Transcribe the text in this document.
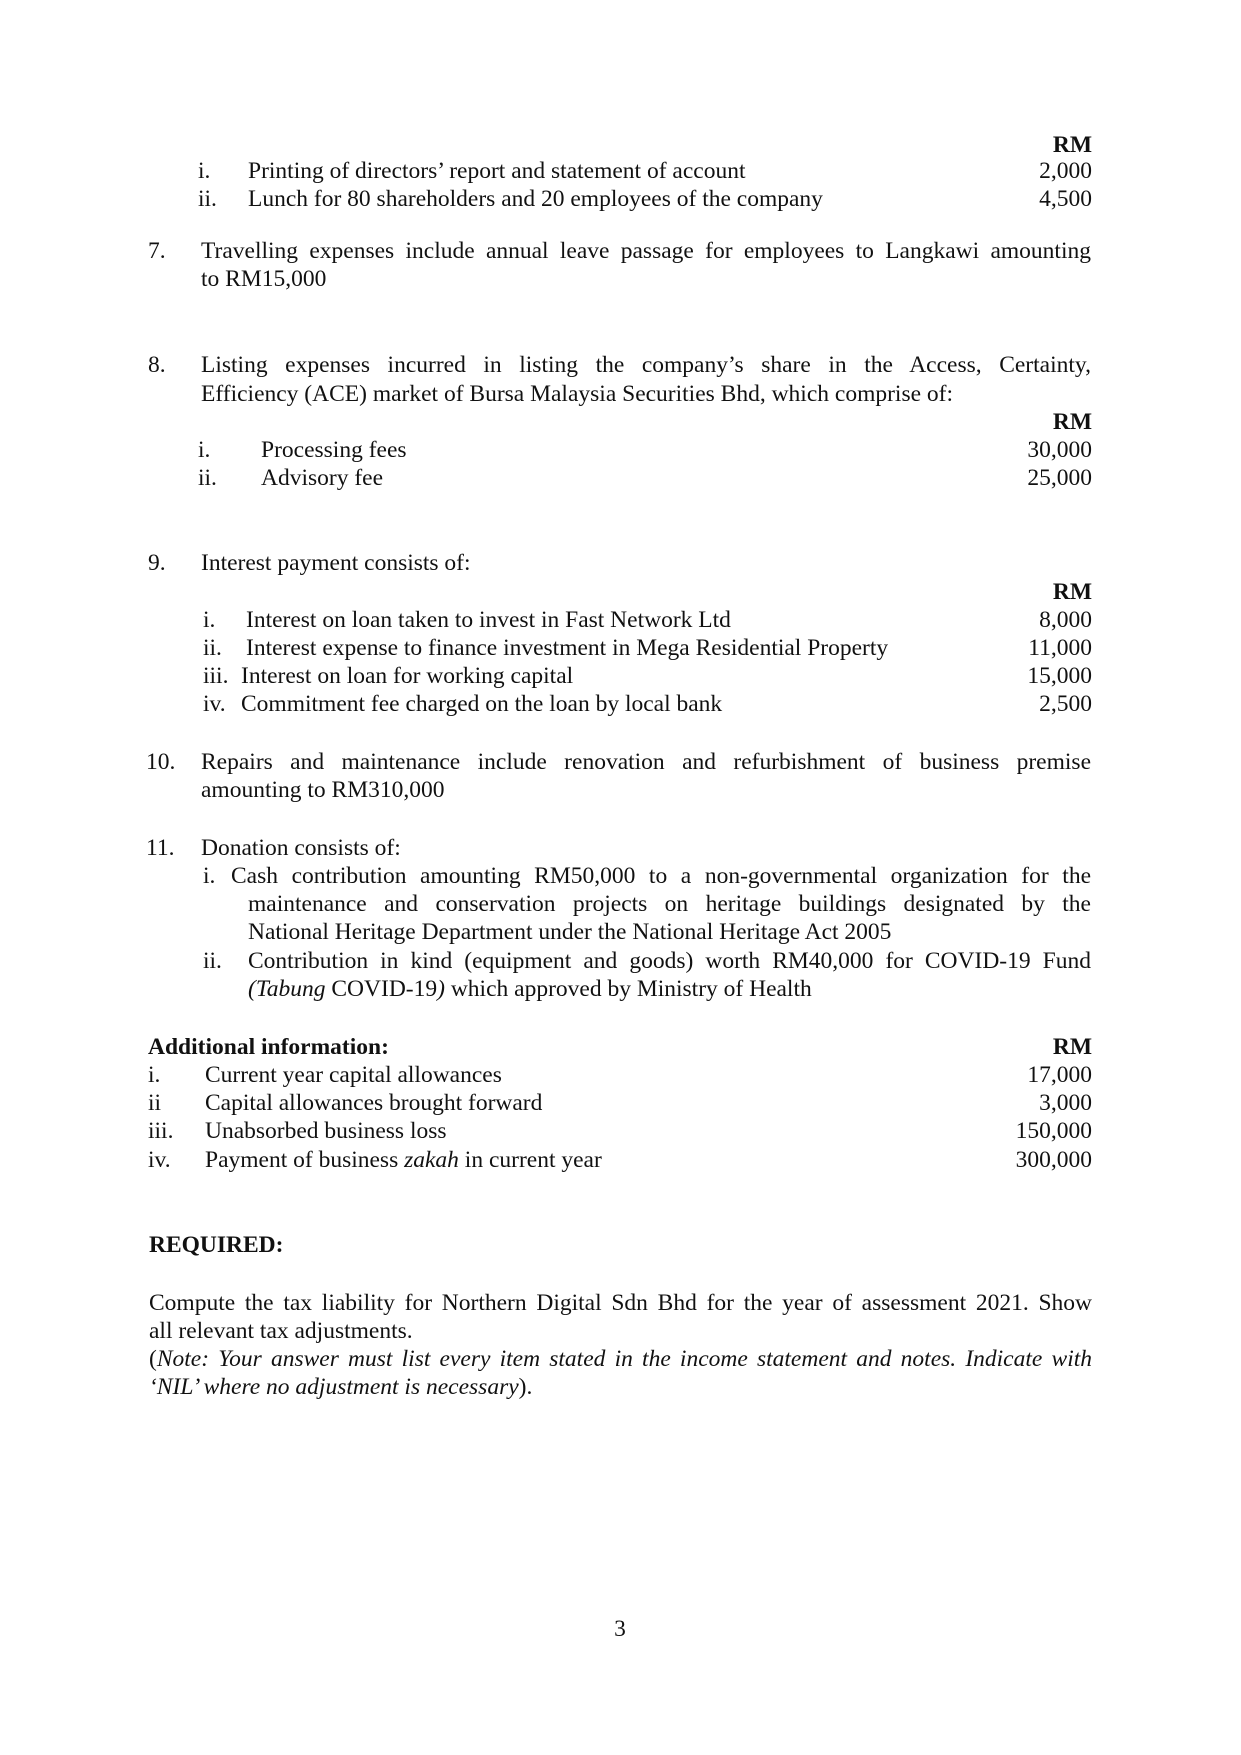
RM
i. Printing of directors’ report and statement of account	2,000
ii. Lunch for 80 shareholders and 20 employees of the company	4,500
7. Travelling expenses include annual leave passage for employees to Langkawi amounting
to RM15,000
8. Listing expenses incurred in listing the company’s share in the Access, Certainty,
Efficiency (ACE) market of Bursa Malaysia Securities Bhd, which comprise of:
RM
i. Processing fees	30,000
ii. Advisory fee	25,000
9. Interest payment consists of:
RM
i. Interest on loan taken to invest in Fast Network Ltd	8,000
ii. Interest expense to finance investment in Mega Residential Property	11,000
iii. Interest on loan for working capital	15,000
iv. Commitment fee charged on the loan by local bank	2,500
10. Repairs and maintenance include renovation and refurbishment of business premise
amounting to RM310,000
11. Donation consists of:
i. Cash contribution amounting RM50,000 to a non-governmental organization for the
maintenance and conservation projects on heritage buildings designated by the
National Heritage Department under the National Heritage Act 2005
ii. Contribution in kind (equipment and goods) worth RM40,000 for COVID-19 Fund
(Tabung COVID-19) which approved by Ministry of Health
Additional information:	RM
i. Current year capital allowances	17,000
ii Capital allowances brought forward	3,000
iii. Unabsorbed business loss	150,000
iv. Payment of business zakah in current year	300,000
REQUIRED:
Compute the tax liability for Northern Digital Sdn Bhd for the year of assessment 2021. Show
all relevant tax adjustments.
(Note: Your answer must list every item stated in the income statement and notes. Indicate with
‘NIL’ where no adjustment is necessary).
3
